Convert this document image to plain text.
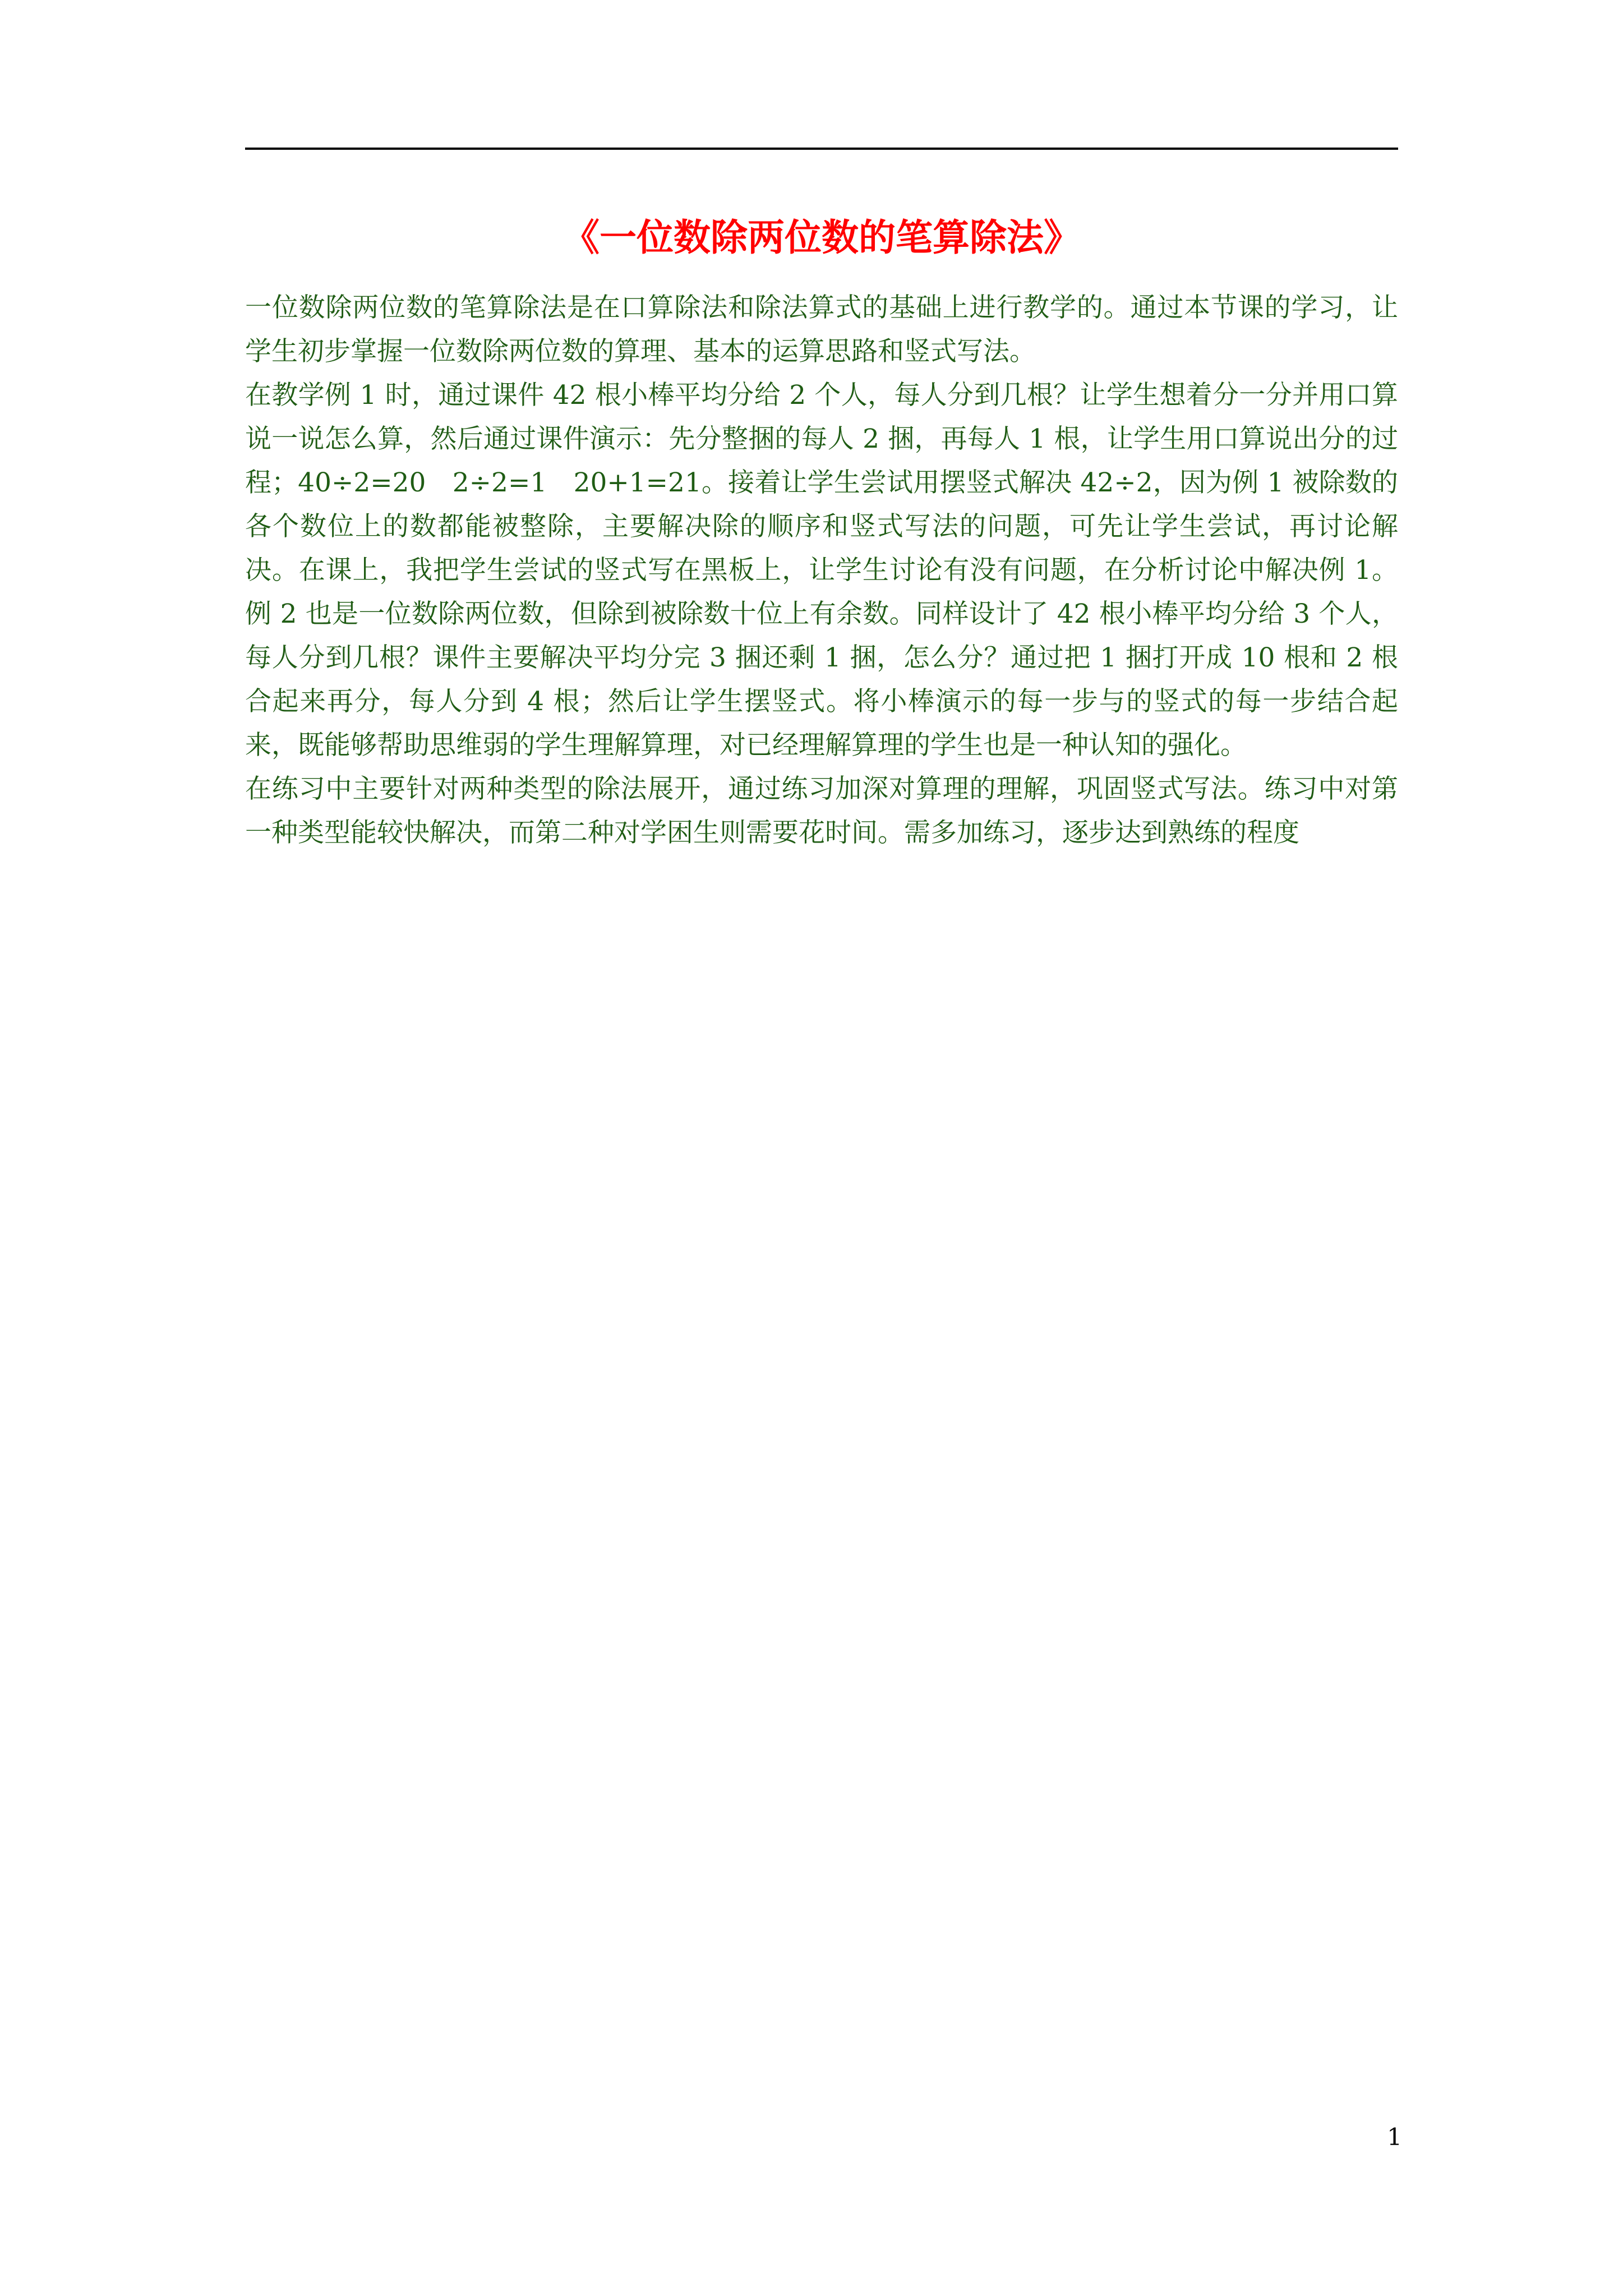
《一位数除两位数的笔算除法》

一位数除两位数的笔算除法是在口算除法和除法算式的基础上进行教学的。通过本节课的学习，让学生初步掌握一位数除两位数的算理、基本的运算思路和竖式写法。

在教学例 1 时，通过课件 42 根小棒平均分给 2 个人，每人分到几根？让学生想着分一分并用口算说一说怎么算，然后通过课件演示：先分整捆的每人 2 捆，再每人 1 根，让学生用口算说出分的过程；40÷2=20　2÷2=1　20+1=21。接着让学生尝试用摆竖式解决 42÷2，因为例 1 被除数的各个数位上的数都能被整除，主要解决除的顺序和竖式写法的问题，可先让学生尝试，再讨论解决。在课上，我把学生尝试的竖式写在黑板上，让学生讨论有没有问题，在分析讨论中解决例 1。例 2 也是一位数除两位数，但除到被除数十位上有余数。同样设计了 42 根小棒平均分给 3 个人，每人分到几根？课件主要解决平均分完 3 捆还剩 1 捆，怎么分？通过把 1 捆打开成 10 根和 2 根合起来再分，每人分到 4 根；然后让学生摆竖式。将小棒演示的每一步与的竖式的每一步结合起来，既能够帮助思维弱的学生理解算理，对已经理解算理的学生也是一种认知的强化。

在练习中主要针对两种类型的除法展开，通过练习加深对算理的理解，巩固竖式写法。练习中对第一种类型能较快解决，而第二种对学困生则需要花时间。需多加练习，逐步达到熟练的程度

1
